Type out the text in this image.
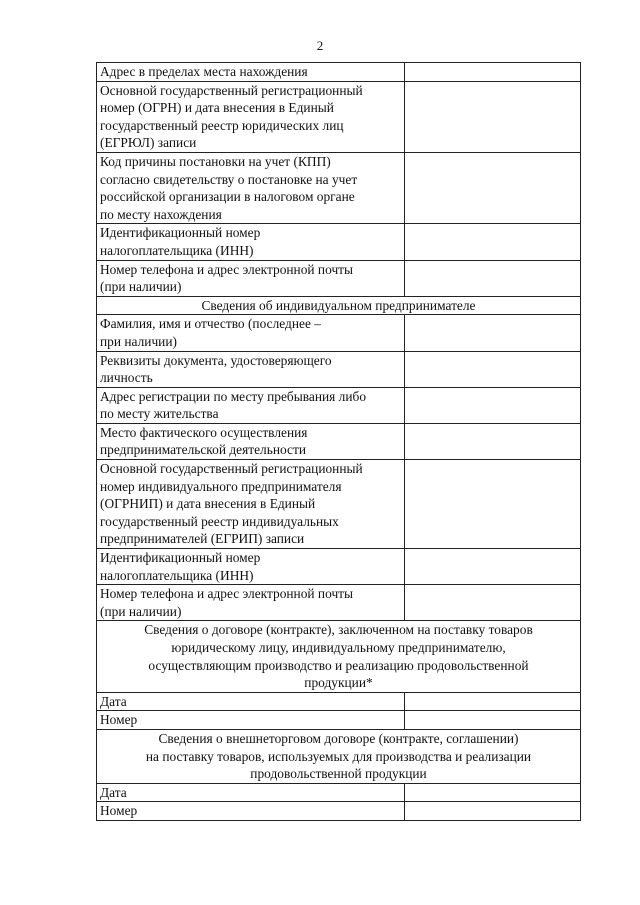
2
Адрес в пределах места нахождения	

Основной государственный регистрационный
номер (ОГРН) и дата внесения в Единый
государственный реестр юридических лиц
(ЕГРЮЛ) записи	

Код причины постановки на учет (КПП)
согласно свидетельству о постановке на учет
российской организации в налоговом органе
по месту нахождения	

Идентификационный номер
налогоплательщика (ИНН)	

Номер телефона и адрес электронной почты
(при наличии)	

Сведения об индивидуальном предпринимателе	

Фамилия, имя и отчество (последнее –
при наличии)	

Реквизиты документа, удостоверяющего
личность	

Адрес регистрации по месту пребывания либо
по месту жительства	

Место фактического осуществления
предпринимательской деятельности	

Основной государственный регистрационный
номер индивидуального предпринимателя
(ОГРНИП) и дата внесения в Единый
государственный реестр индивидуальных
предпринимателей (ЕГРИП) записи	

Идентификационный номер
налогоплательщика (ИНН)	

Номер телефона и адрес электронной почты
(при наличии)	

Сведения о договоре (контракте), заключенном на поставку товаров
юридическому лицу, индивидуальному предпринимателю,
осуществляющим производство и реализацию продовольственной
продукции*	

Дата	

Номер	

Сведения о внешнеторговом договоре (контракте, соглашении)
на поставку товаров, используемых для производства и реализации
продовольственной продукции	

Дата	

Номер	
